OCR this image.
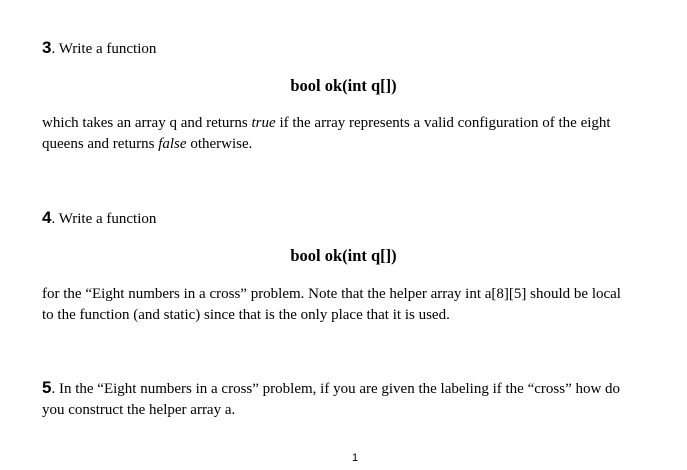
3. Write a function
bool ok(int q[])

which takes an array q and returns true if the array represents a valid configuration of the eight

queens and returns false otherwise.

4. Write a function
bool ok(int q[])

for the “Eight numbers in a cross” problem. Note that the helper array int a[8][5] should be local

to the function (and static) since that is the only place that it is used.

5. In the “Eight numbers in a cross” problem, if you are given the labeling if the “cross” how do

you construct the helper array a.

1
